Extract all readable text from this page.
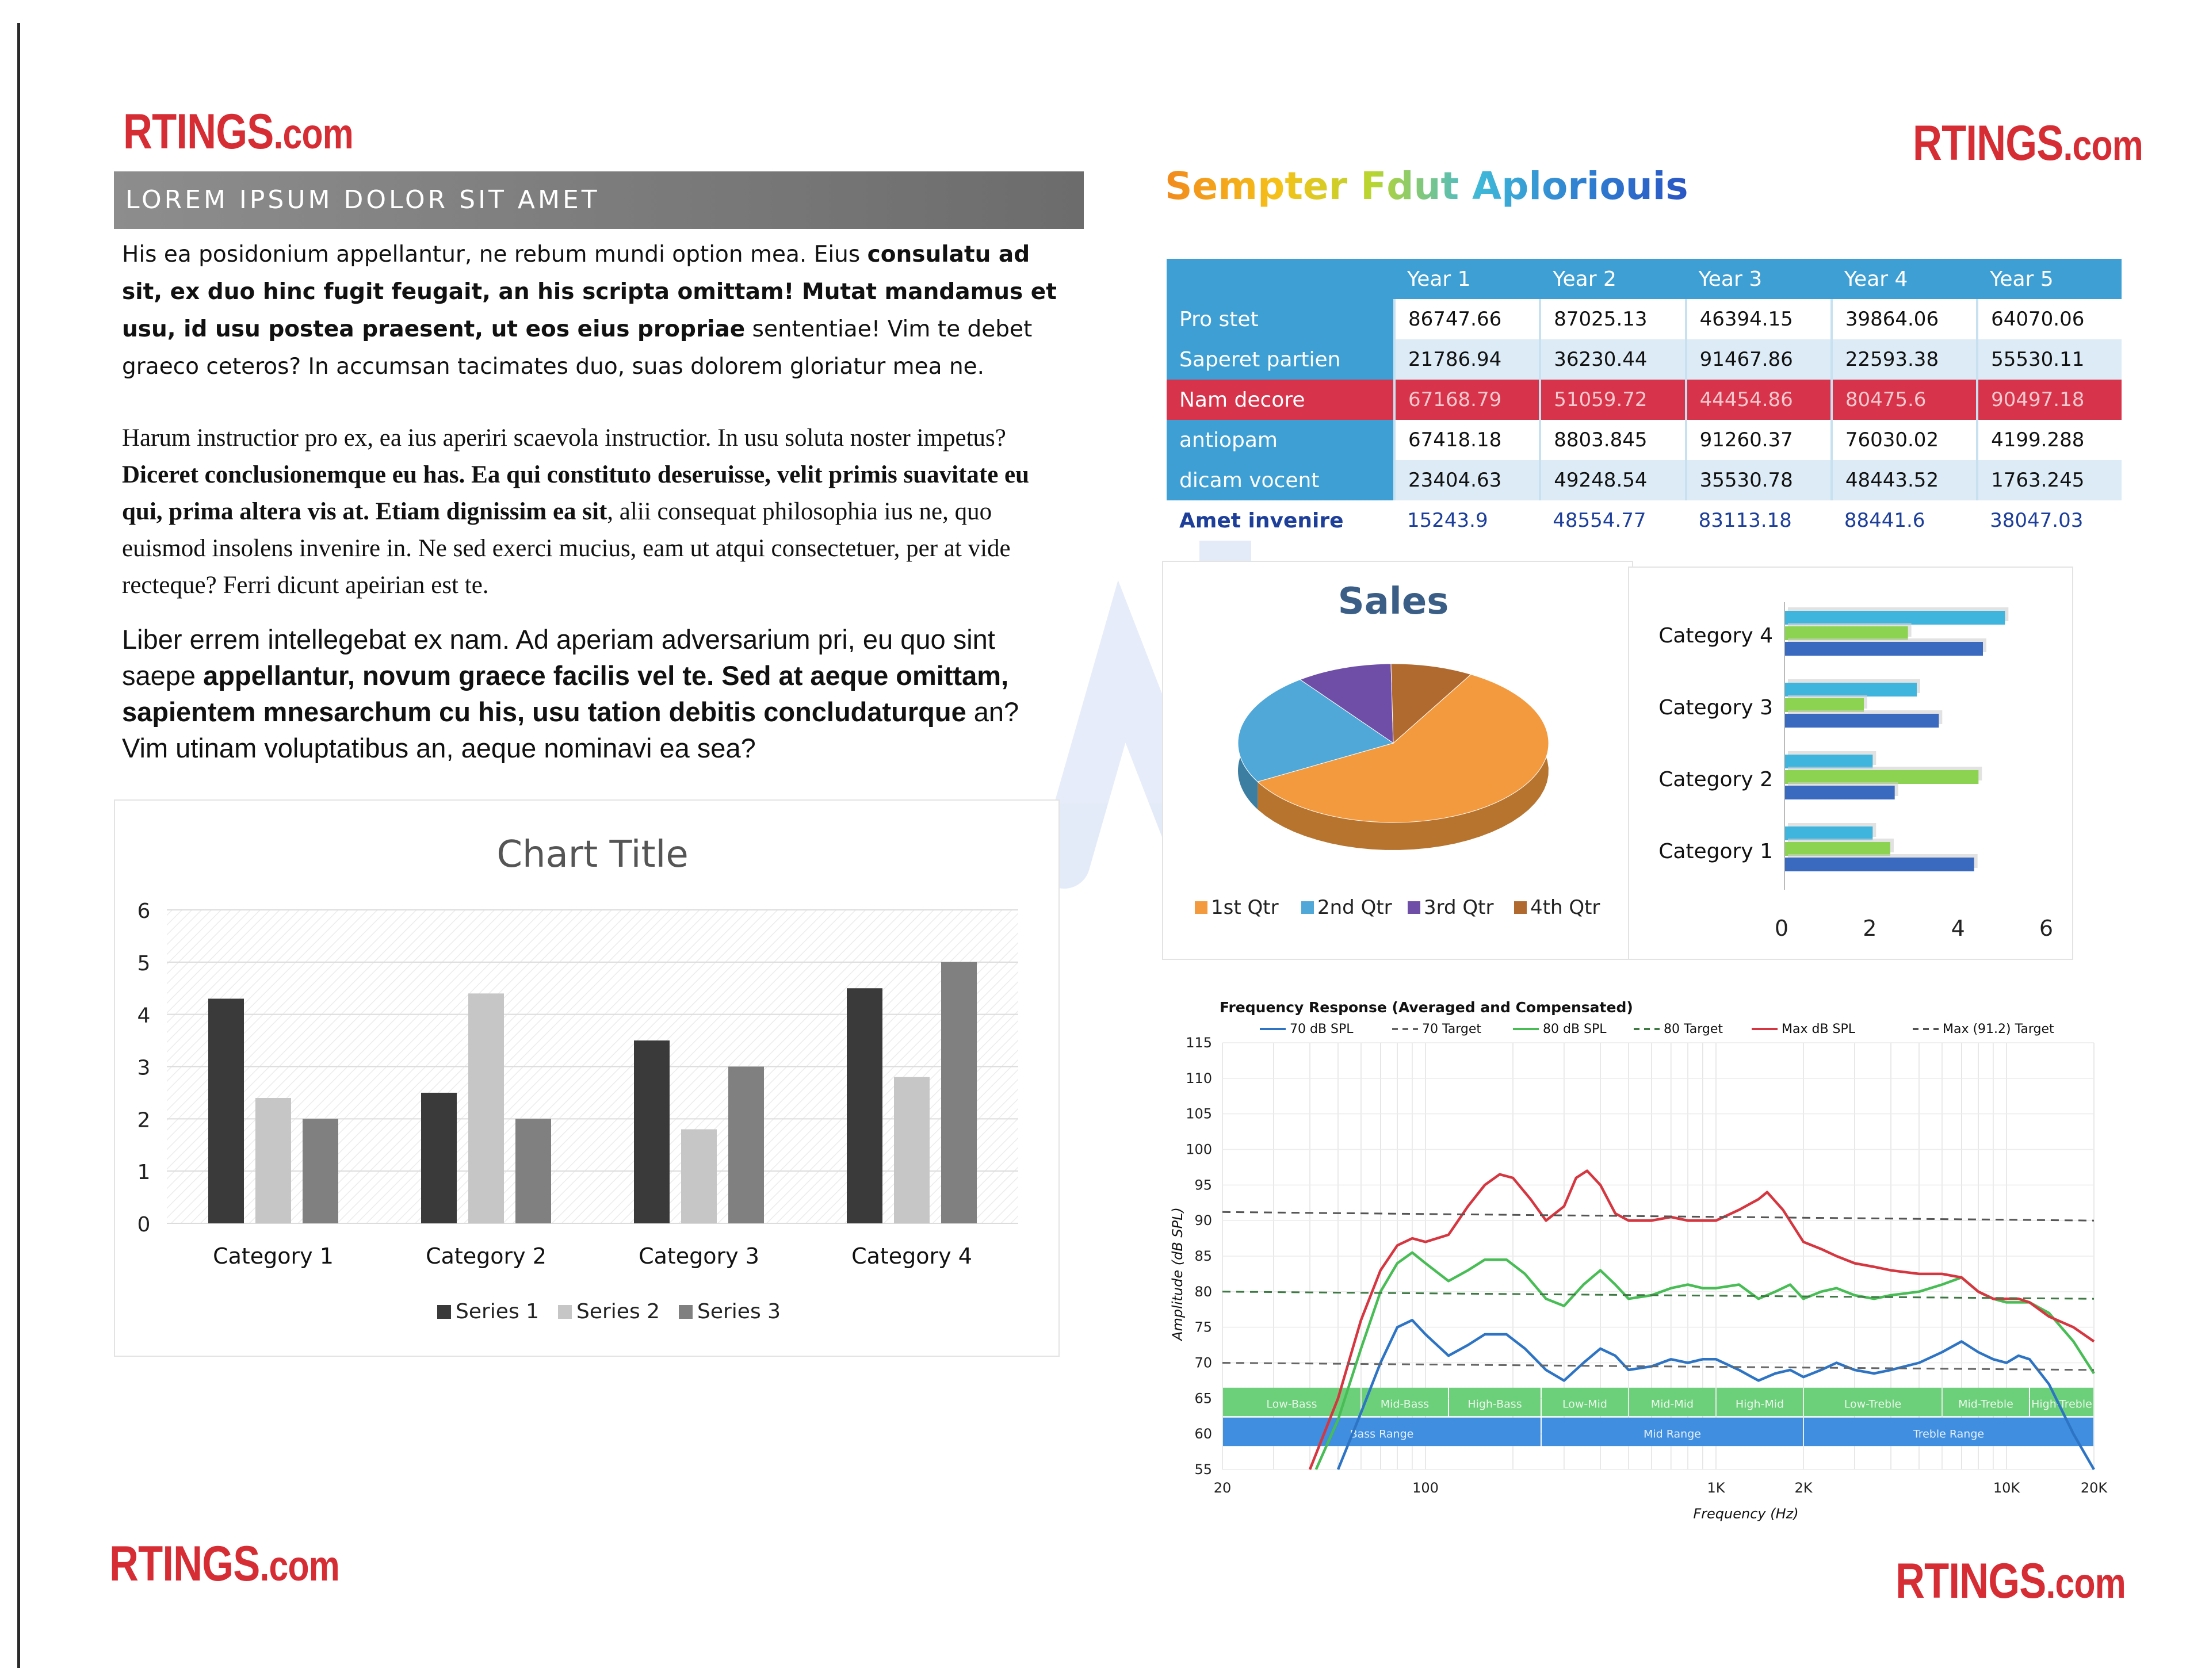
RTINGS.com	RTINGS.com
RTINGS.com	RTINGS.com
LOREM IPSUM DOLOR SIT AMET
His ea posidonium appellantur, ne rebum mundi option mea. Eius consulatu ad sit, ex duo hinc fugit feugait, an his scripta omittam! Mutat mandamus et usu, id usu postea praesent, ut eos eius propriae sententiae! Vim te debet graeco ceteros? In accumsan tacimates duo, suas dolorem gloriatur mea ne.
Harum instructior pro ex, ea ius aperiri scaevola instructior. In usu soluta noster impetus? Diceret conclusionemque eu has. Ea qui constituto deseruisse, velit primis suavitate eu qui, prima altera vis at. Etiam dignissim ea sit, alii consequat philosophia ius ne, quo euismod insolens invenire in. Ne sed exerci mucius, eam ut atqui consectetuer, per at vide recteque? Ferri dicunt apeirian est te.
Liber errem intellegebat ex nam. Ad aperiam adversarium pri, eu quo sint saepe appellantur, novum graece facilis vel te. Sed at aeque omittam, sapientem mnesarchum cu his, usu tation debitis concludaturque an? Vim utinam voluptatibus an, aeque nominavi ea sea?
0
1
2
3
4
5
6
Category 1	Category 2	Category 3	Category 4
Chart Title
Series 1 Series 2 Series 3
Sempter Fdut Aploriouis
	Year 1	Year 2	Year 3	Year 4	Year 5
Pro stet	86747.66	87025.13	46394.15	39864.06	64070.06
Saperet partien	21786.94	36230.44	91467.86	22593.38	55530.11
Nam decore	67168.79	51059.72	44454.86	80475.6	90497.18
antiopam	67418.18	8803.845	91260.37	76030.02	4199.288
dicam vocent	23404.63	49248.54	35530.78	48443.52	1763.245
Amet invenire	15243.9	48554.77	83113.18	88441.6	38047.03
Sales
1st Qtr 2nd Qtr 3rd Qtr 4th Qtr
Category 1
Category 2
Category 3
Category 4
0	2	4	6
Frequency Response (Averaged and Compensated)
70 dB SPL	70 Target	80 dB SPL	80 Target	Max dB SPL	Max (91.2) Target
Low-Bass	Mid-Bass	High-Bass	Low-Mid	Mid-Mid	High-Mid	Low-Treble	Mid-Treble High-Treble
Bass Range	Mid Range	Treble Range
55
60
65
70
75
80
85
90
95
100
105
110
115
20	100	1K	2K	10K	20K
Frequency (Hz)
Amplitude (dB SPL)
